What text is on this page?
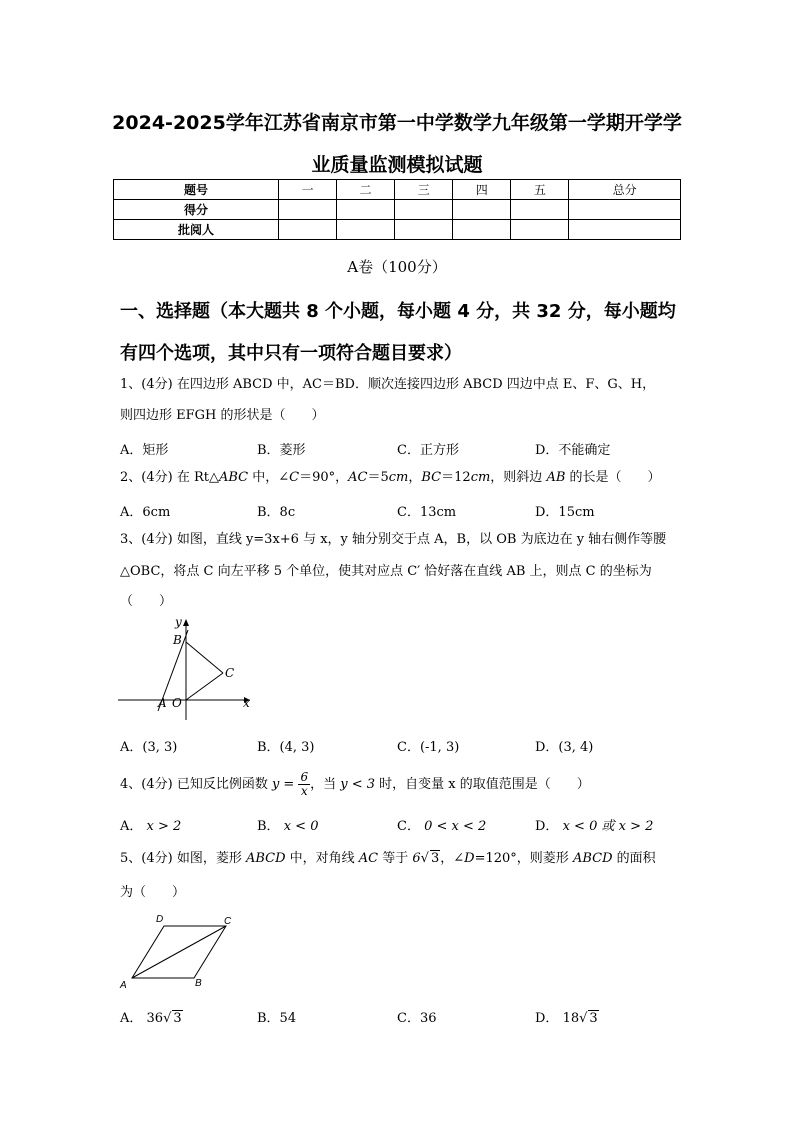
2024-2025学年江苏省南京市第一中学数学九年级第一学期开学学
业质量监测模拟试题
题号	一	二	三	四	五	总分
得分						
批阅人						
A卷（100分）
一、选择题（本大题共 8 个小题，每小题 4 分，共 32 分，每小题均
有四个选项，其中只有一项符合题目要求）
1、(4分) 在四边形 ABCD 中，AC＝BD．顺次连接四边形 ABCD 四边中点 E、F、G、H，
则四边形 EFGH 的形状是（　　）
A．矩形	B．菱形	C．正方形	D．不能确定
2、(4分) 在 Rt△ABC 中，∠C＝90°，AC＝5cm，BC＝12cm，则斜边 AB 的长是（　　）
A．6cm	B．8c	C．13cm	D．15cm
3、(4分) 如图，直线 y=3x+6 与 x，y 轴分别交于点 A，B，以 OB 为底边在 y 轴右侧作等腰
△OBC，将点 C 向左平移 5 个单位，使其对应点 C′ 恰好落在直线 AB 上，则点 C 的坐标为
（　　）
y
B
C
A O	x
A．(3, 3)	B．(4, 3)	C．(-1, 3)	D．(3, 4)
4、(4分) 已知反比例函数 $y = \frac{6}{x}$ ，当 y < 3 时，自变量 x 的取值范围是（　　）
A． x > 2	B． x < 0	C． 0 < x < 2	D． x < 0 或 x > 2
5、(4分) 如图，菱形 ABCD 中，对角线 AC 等于 6√ 3，∠D=120°，则菱形 ABCD 的面积
为（　　）
D	C
A	B
A． 36√ 3	B．54	C．36	D． 18√ 3
